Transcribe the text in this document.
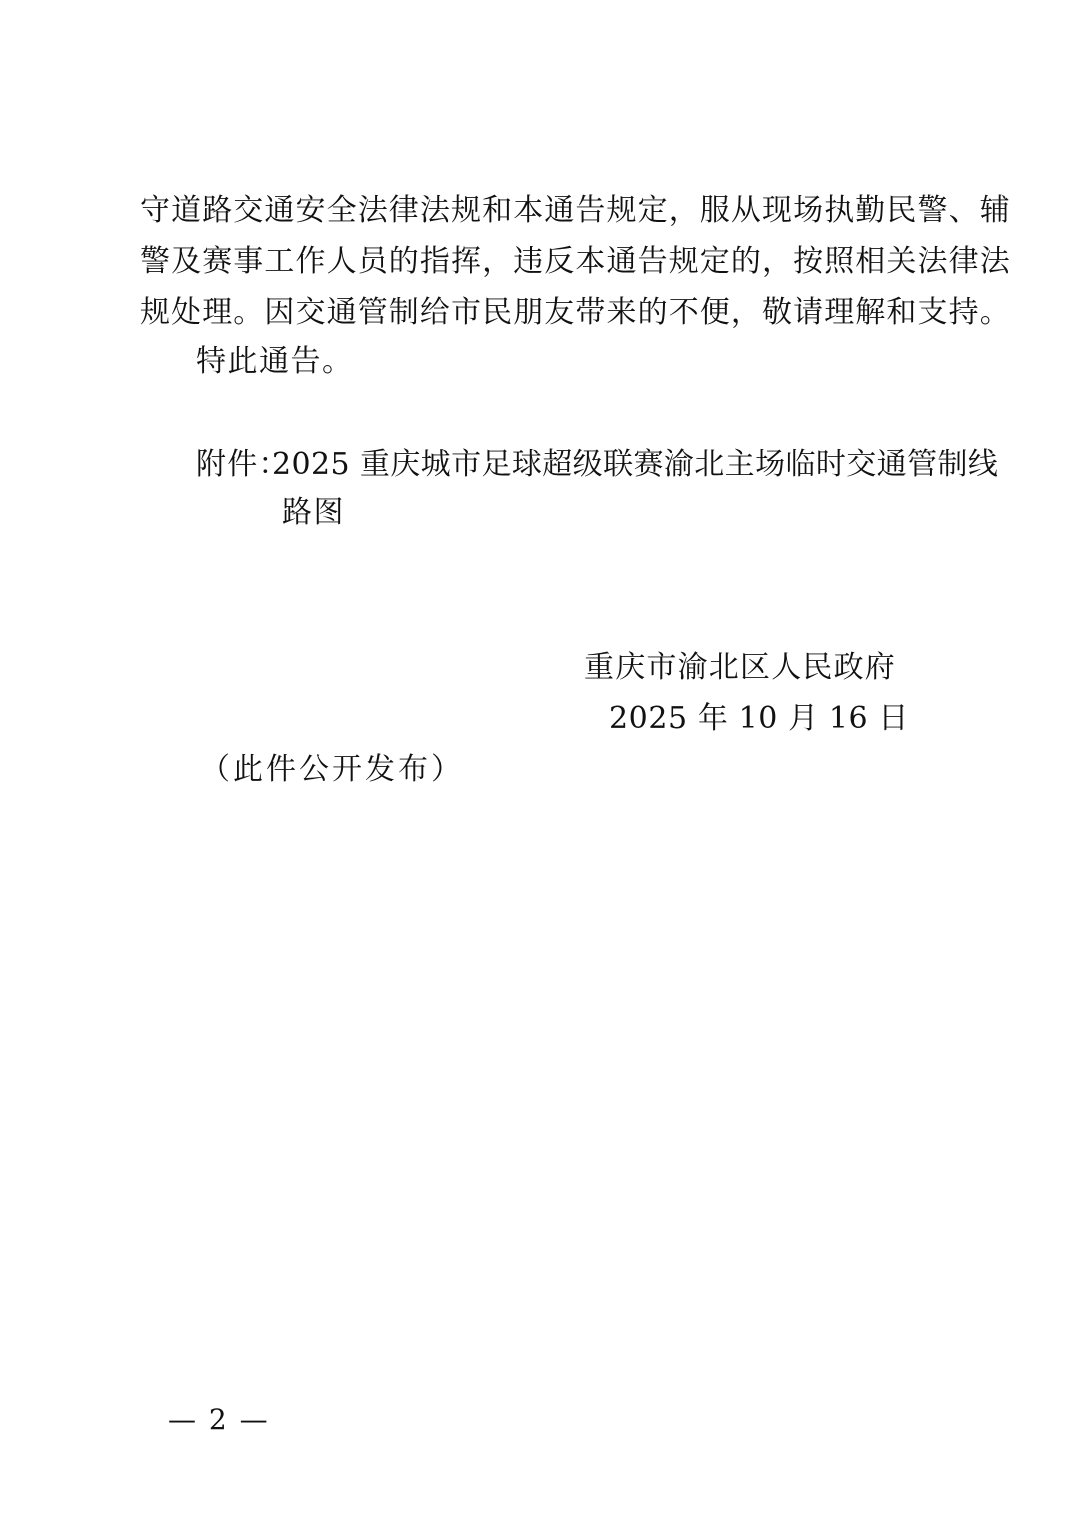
守道路交通安全法律法规和本通告规定，服从现场执勤民警、辅
警及赛事工作人员的指挥，违反本通告规定的，按照相关法律法
规处理。因交通管制给市民朋友带来的不便，敬请理解和支持。
特此通告。
附件：
2025 重庆城市足球超级联赛渝北主场临时交通管制线
路图
重庆市渝北区人民政府
2025 年 10 月 16 日
（此件公开发布）
— 2 —
